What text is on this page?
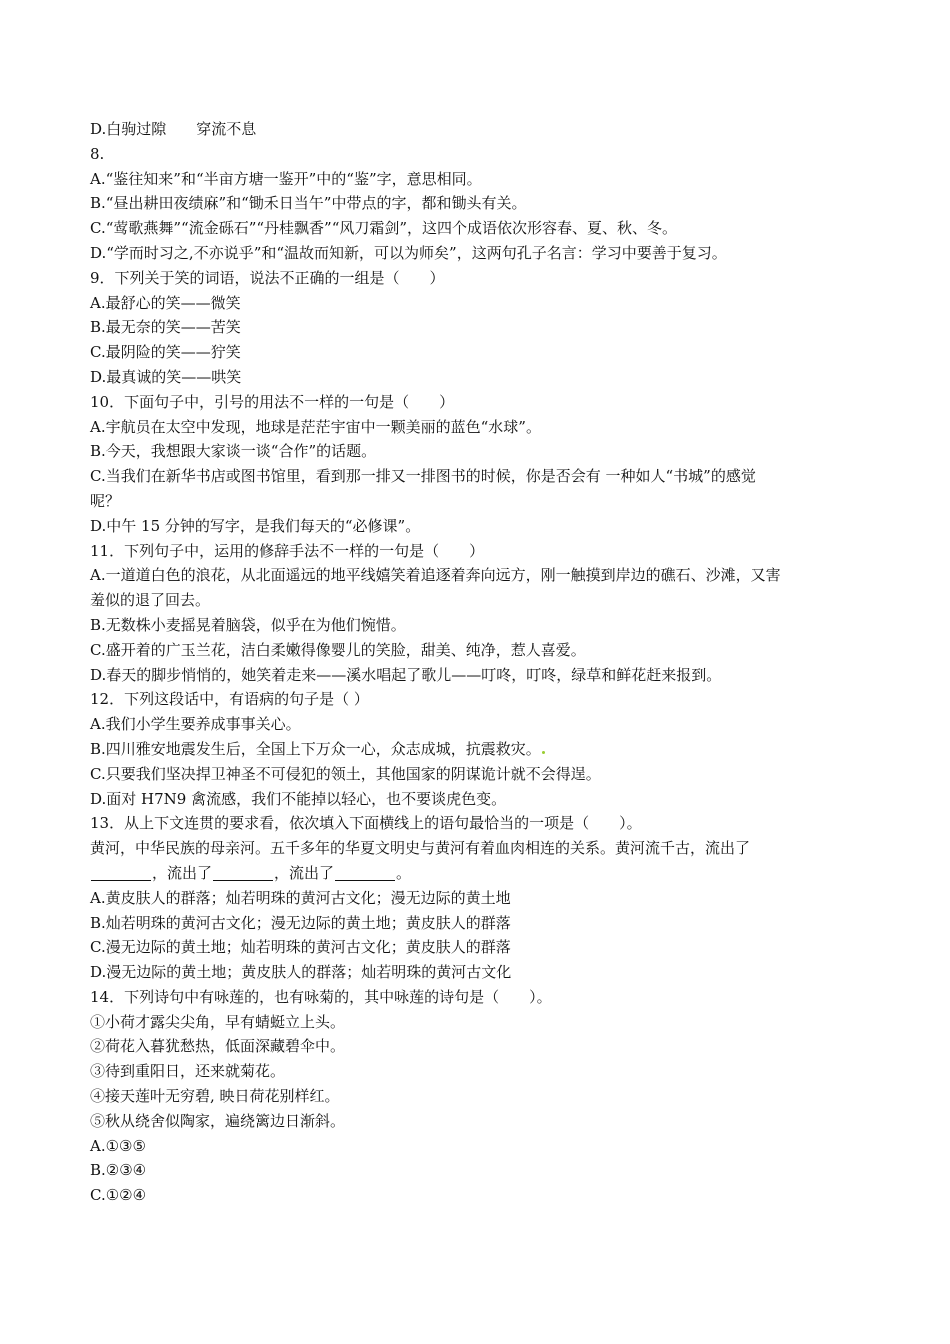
D.白驹过隙　　穿流不息
8.
A.“鉴往知来”和“半亩方塘一鉴开”中的“鉴”字，意思相同。
B.“昼出耕田夜绩麻”和“锄禾日当午”中带点的字，都和锄头有关。
C.“莺歌燕舞”“流金砾石”“丹桂飘香”“风刀霜剑”，这四个成语依次形容春、夏、秋、冬。
D.“学而时习之,不亦说乎”和“温故而知新，可以为师矣”，这两句孔子名言：学习中要善于复习。
9．下列关于笑的词语，说法不正确的一组是（　　）
A.最舒心的笑——微笑
B.最无奈的笑——苦笑
C.最阴险的笑——狞笑
D.最真诚的笑——哄笑
10．下面句子中，引号的用法不一样的一句是（　　）
A.宇航员在太空中发现，地球是茫茫宇宙中一颗美丽的蓝色“水球”。
B.今天，我想跟大家谈一谈“合作”的话题。
C.当我们在新华书店或图书馆里，看到那一排又一排图书的时候，你是否会有 一种如人“书城”的感觉
呢？
D.中午 15 分钟的写字，是我们每天的“必修课”。
11．下列句子中，运用的修辞手法不一样的一句是（　　）
A.一道道白色的浪花，从北面遥远的地平线嬉笑着追逐着奔向远方，刚一触摸到岸边的礁石、沙滩，又害
羞似的退了回去。
B.无数株小麦摇晃着脑袋，似乎在为他们惋惜。
C.盛开着的广玉兰花，洁白柔嫩得像婴儿的笑脸，甜美、纯净，惹人喜爱。
D.春天的脚步悄悄的，她笑着走来——溪水唱起了歌儿——叮咚，叮咚，绿草和鲜花赶来报到。
12．下列这段话中，有语病的句子是（ ）
A.我们小学生要养成事事关心。
B.四川雅安地震发生后，全国上下万众一心，众志成城，抗震救灾。
C.只要我们坚决捍卫神圣不可侵犯的领土，其他国家的阴谋诡计就不会得逞。
D.面对 H7N9 禽流感，我们不能掉以轻心，也不要谈虎色变。
13．从上下文连贯的要求看，依次填入下面横线上的语句最恰当的一项是（　　）。
黄河，中华民族的母亲河。五千多年的华夏文明史与黄河有着血肉相连的关系。黄河流千古，流出了
，流出了	，流出了	。
A.黄皮肤人的群落；灿若明珠的黄河古文化；漫无边际的黄土地
B.灿若明珠的黄河古文化；漫无边际的黄土地；黄皮肤人的群落
C.漫无边际的黄土地；灿若明珠的黄河古文化；黄皮肤人的群落
D.漫无边际的黄土地；黄皮肤人的群落；灿若明珠的黄河古文化
14．下列诗句中有咏莲的，也有咏菊的，其中咏莲的诗句是（　　）。
①小荷才露尖尖角，早有蜻蜓立上头。
②荷花入暮犹愁热，低面深藏碧伞中。
③待到重阳日，还来就菊花。
④接天莲叶无穷碧, 映日荷花别样红。
⑤秋从绕舍似陶家，遍绕篱边日渐斜。
A.①③⑤
B.②③④
C.①②④
